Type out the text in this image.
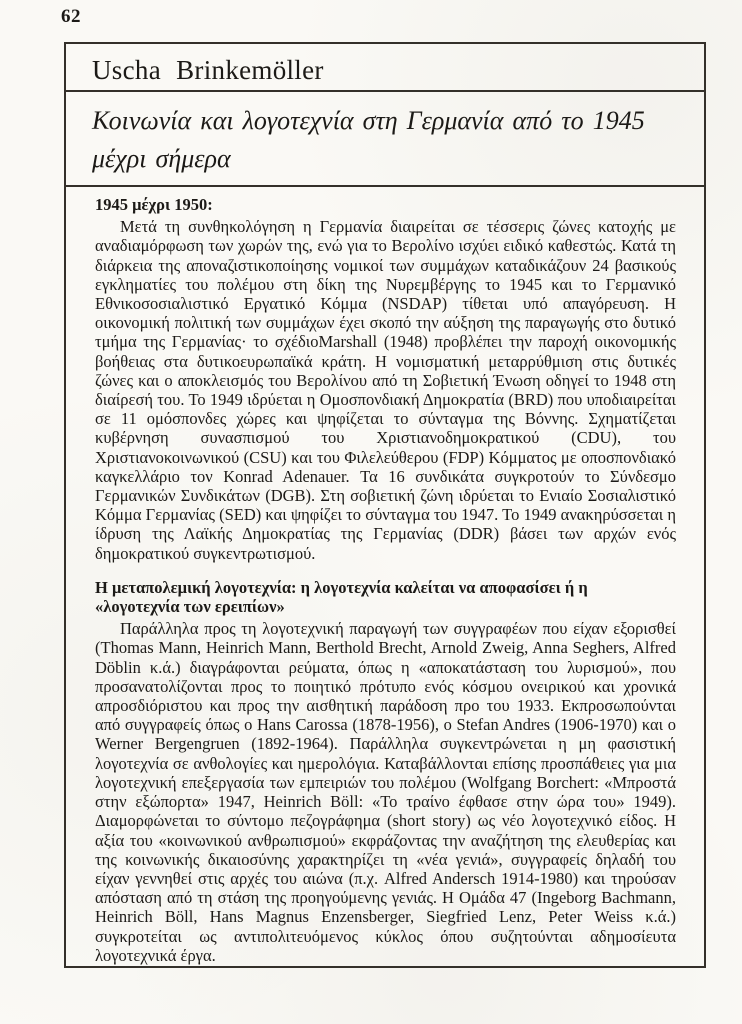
62
Uscha Brinkemöller
Κοινωνία και λογοτεχνία στη Γερμανία από το 1945 μέχρι σήμερα
1945 μέχρι 1950:

Μετά τη συνθηκολόγηση η Γερμανία διαιρείται σε τέσσερις ζώνες κατοχής με αναδιαμόρφωση των χωρών της, ενώ για το Βερολίνο ισχύει ειδικό καθεστώς. Κατά τη διάρκεια της αποναζιστικοποίησης νομικοί των συμμάχων καταδικάζουν 24 βασικούς εγκληματίες του πολέμου στη δίκη της Νυρεμβέργης το 1945 και το Γερμανικό Εθνικοσοσιαλιστικό Εργατικό Κόμμα (NSDAP) τίθεται υπό απαγόρευση. Η οικονομική πολιτική των συμμάχων έχει σκοπό την αύξηση της παραγωγής στο δυτικό τμήμα της Γερμανίας· το σχέδιοMarshall (1948) προβλέπει την παροχή οικονομικής βοήθειας στα δυτικοευρωπαϊκά κράτη. Η νομισματική μεταρρύθμιση στις δυτικές ζώνες και ο αποκλεισμός του Βερολίνου από τη Σοβιετική Ένωση οδηγεί το 1948 στη διαίρεσή του. Το 1949 ιδρύεται η Ομοσπονδιακή Δημοκρατία (BRD) που υποδιαιρείται σε 11 ομόσπονδες χώρες και ψηφίζεται το σύνταγμα της Βόννης. Σχηματίζεται κυβέρνηση συνασπισμού του Χριστιανοδημοκρατικού (CDU), του Χριστιανοκοινωνικού (CSU) και του Φιλελεύθερου (FDP) Κόμματος με οποσπονδιακό καγκελλάριο τον Konrad Adenauer. Τα 16 συνδικάτα συγκροτούν το Σύνδεσμο Γερμανικών Συνδικάτων (DGB). Στη σοβιετική ζώνη ιδρύεται το Ενιαίο Σοσιαλιστικό Κόμμα Γερμανίας (SED) και ψηφίζει το σύνταγμα του 1947. Το 1949 ανακηρύσσεται η ίδρυση της Λαϊκής Δημοκρατίας της Γερμανίας (DDR) βάσει των αρχών ενός δημοκρατικού συγκεντρωτισμού.

Η μεταπολεμική λογοτεχνία: η λογοτεχνία καλείται να αποφασίσει ή η «λογοτεχνία των ερειπίων»

Παράλληλα προς τη λογοτεχνική παραγωγή των συγγραφέων που είχαν εξορισθεί (Thomas Mann, Heinrich Mann, Berthold Brecht, Arnold Zweig, Anna Seghers, Alfred Döblin κ.ά.) διαγράφονται ρεύματα, όπως η «αποκατάσταση του λυρισμού», που προσανατολίζονται προς το ποιητικό πρότυπο ενός κόσμου ονειρικού και χρονικά απροσδιόριστου και προς την αισθητική παράδοση προ του 1933. Εκπροσωπούνται από συγγραφείς όπως ο Hans Carossa (1878-1956), ο Stefan Andres (1906-1970) και ο Werner Bergengruen (1892-1964). Παράλληλα συγκεντρώνεται η μη φασιστική λογοτεχνία σε ανθολογίες και ημερολόγια. Καταβάλλονται επίσης προσπάθειες για μια λογοτεχνική επεξεργασία των εμπειριών του πολέμου (Wolfgang Borchert: «Μπροστά στην εξώπορτα» 1947, Heinrich Böll: «Το τραίνο έφθασε στην ώρα του» 1949). Διαμορφώνεται το σύντομο πεζογράφημα (short story) ως νέο λογοτεχνικό είδος. Η αξία του «κοινωνικού ανθρωπισμού» εκφράζοντας την αναζήτηση της ελευθερίας και της κοινωνικής δικαιοσύνης χαρακτηρίζει τη «νέα γενιά», συγγραφείς δηλαδή του είχαν γεννηθεί στις αρχές του αιώνα (π.χ. Alfred Andersch 1914-1980) και τηρούσαν απόσταση από τη στάση της προηγούμενης γενιάς. Η Ομάδα 47 (Ingeborg Bachmann, Heinrich Böll, Hans Magnus Enzensberger, Siegfried Lenz, Peter Weiss κ.ά.) συγκροτείται ως αντιπολιτευόμενος κύκλος όπου συζητούνται αδημοσίευτα λογοτεχνικά έργα.
